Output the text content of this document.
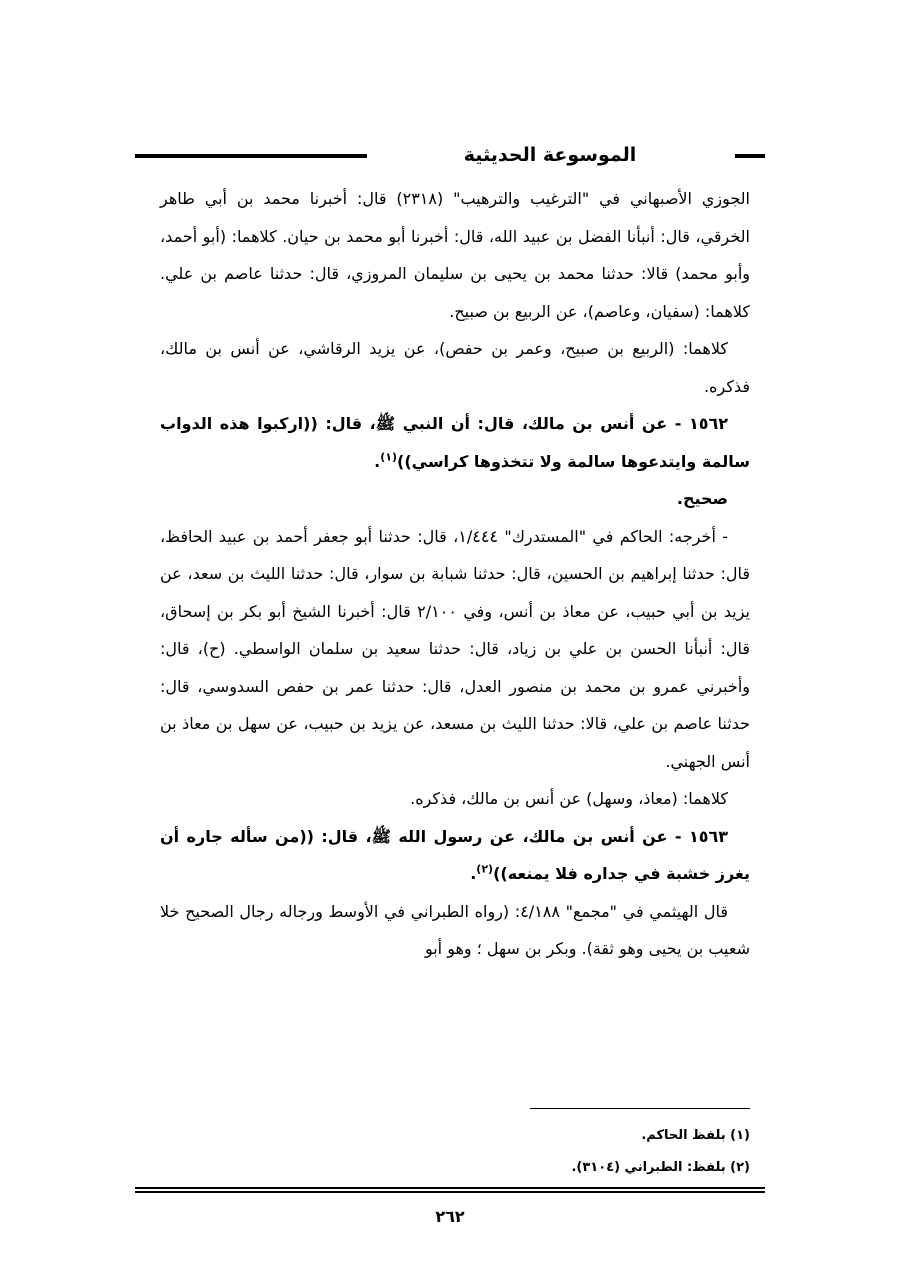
الموسوعة الحديثية

الجوزي الأصبهاني في "الترغيب والترهيب" (٢٣١٨) قال: أخبرنا محمد بن أبي طاهر الخرقي، قال: أنبأنا الفضل بن عبيد الله، قال: أخبرنا أبو محمد بن حيان. كلاهما: (أبو أحمد، وأبو محمد) قالا: حدثنا محمد بن يحيى بن سليمان المروزي، قال: حدثنا عاصم بن علي. كلاهما: (سفيان، وعاصم)، عن الربيع بن صبيح.

كلاهما: (الربيع بن صبيح، وعمر بن حفص)، عن يزيد الرقاشي، عن أنس بن مالك، فذكره.

١٥٦٢ - عن أنس بن مالك، قال: أن النبي ﷺ، قال: ((اركبوا هذه الدواب سالمة وايتدعوها سالمة ولا تتخذوها كراسي))$^{(١)}$.

صحيح.

- أخرجه: الحاكم في "المستدرك" ١/٤٤٤، قال: حدثنا أبو جعفر أحمد بن عبيد الحافظ، قال: حدثنا إبراهيم بن الحسين، قال: حدثنا شبابة بن سوار، قال: حدثنا الليث بن سعد، عن يزيد بن أبي حبيب، عن معاذ بن أنس، وفي ٢/١٠٠ قال: أخبرنا الشيخ أبو بكر بن إسحاق، قال: أنبأنا الحسن بن علي بن زياد، قال: حدثنا سعيد بن سلمان الواسطي. (ح)، قال: وأخبرني عمرو بن محمد بن منصور العدل، قال: حدثنا عمر بن حفص السدوسي، قال: حدثنا عاصم بن علي، قالا: حدثنا الليث بن مسعد، عن يزيد بن حبيب، عن سهل بن معاذ بن أنس الجهني.

كلاهما: (معاذ، وسهل) عن أنس بن مالك، فذكره.

١٥٦٣ - عن أنس بن مالك، عن رسول الله ﷺ، قال: ((من سأله جاره أن يغرز خشبة في جداره فلا يمنعه))$^{(٢)}$.

قال الهيثمي في "مجمع" ٤/١٨٨: (رواه الطبراني في الأوسط ورجاله رجال الصحيح خلا شعيب بن يحيى وهو ثقة). وبكر بن سهل ؛ وهو أبو

(١) بلفظ الحاكم.

(٢) بلفظ: الطبراني (٣١٠٤).

٢٦٢
